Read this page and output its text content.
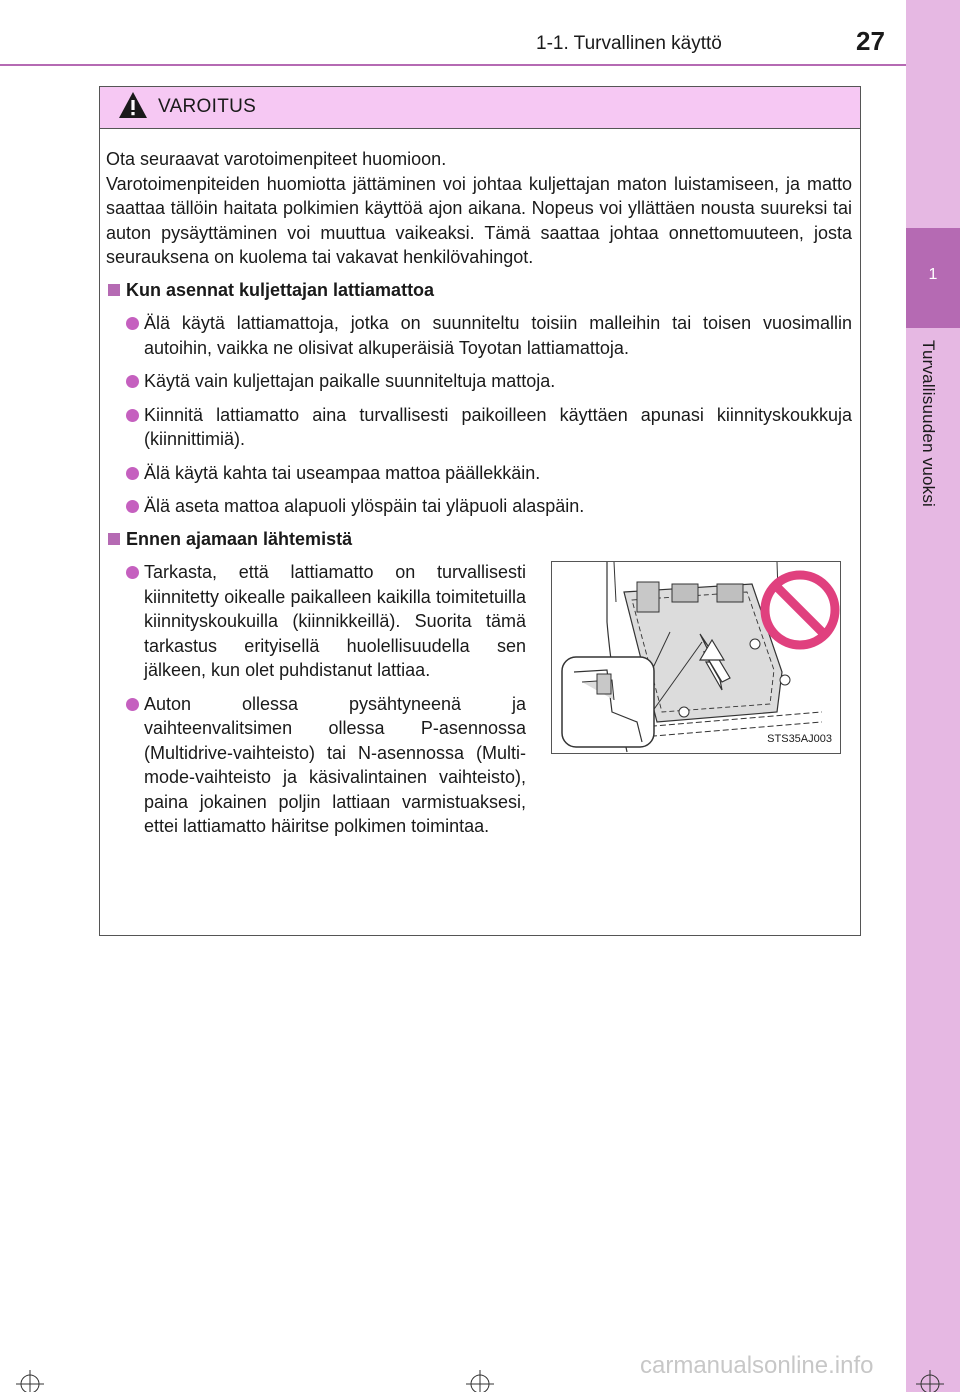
1-1. Turvallinen käyttö	27
1
Turvallisuuden vuoksi
VAROITUS

Ota seuraavat varotoimenpiteet huomioon.

Varotoimenpiteiden huomiotta jättäminen voi johtaa kuljettajan maton luistamiseen, ja matto saattaa tällöin haitata polkimien käyttöä ajon aikana. Nopeus voi yllättäen nousta suureksi tai auton pysäyttäminen voi muuttua vaikeaksi. Tämä saattaa johtaa onnettomuuteen, josta seurauksena on kuolema tai vakavat henkilövahingot.

Kun asennat kuljettajan lattiamattoa
Älä käytä lattiamattoja, jotka on suunniteltu toisiin malleihin tai toisen vuosimallin autoihin, vaikka ne olisivat alkuperäisiä Toyotan lattiamattoja.
Käytä vain kuljettajan paikalle suunniteltuja mattoja.
Kiinnitä lattiamatto aina turvallisesti paikoilleen käyttäen apunasi kiinnityskoukkuja (kiinnittimiä).
Älä käytä kahta tai useampaa mattoa päällekkäin.
Älä aseta mattoa alapuoli ylöspäin tai yläpuoli alaspäin.
Ennen ajamaan lähtemistä
Tarkasta, että lattiamatto on turvallisesti kiinnitetty oikealle paikalleen kaikilla toimitetuilla kiinnityskoukuilla (kiinnikkeillä). Suorita tämä tarkastus erityisellä huolellisuudella sen jälkeen, kun olet puhdistanut lattiaa.
Auton ollessa pysähtyneenä ja vaihteenvalitsimen ollessa P-asennossa (Multidrive-vaihteisto) tai N-asennossa (Multi-mode-vaihteisto ja käsivalintainen vaihteisto), paina jokainen poljin lattiaan varmistuaksesi, ettei lattiamatto häiritse polkimen toimintaa.
STS35AJ003
carmanualsonline.info
